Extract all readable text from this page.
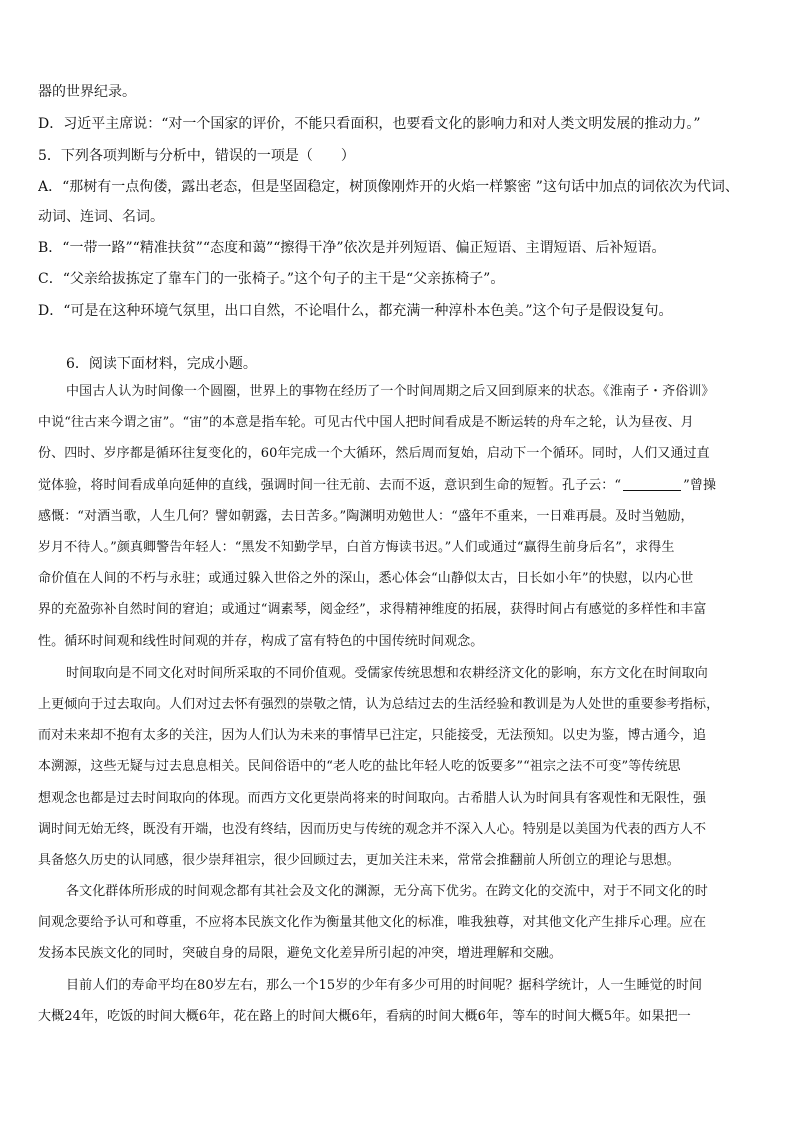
器的世界纪录。
D．习近平主席说：“对一个国家的评价，不能只看面积，也要看文化的影响力和对人类文明发展的推动力。”
5．下列各项判断与分析中，错误的一项是（　　）
A．“那树有一点佝偻，露出老态，但是坚固稳定，树顶像刚炸开的火焰一样繁密 ”这句话中加点的词依次为代词、
动词、连词、名词。
B．“一带一路”“精准扶贫”“态度和蔼”“擦得干净”依次是并列短语、偏正短语、主谓短语、后补短语。
C．“父亲给拔拣定了靠车门的一张椅子。”这个句子的主干是“父亲拣椅子”。
D．“可是在这种环境气氛里，出口自然，不论唱什么，都充满一种淳朴本色美。”这个句子是假设复句。
6．阅读下面材料，完成小题。
中国古人认为时间像一个圆圈，世界上的事物在经历了一个时间周期之后又回到原来的状态。《淮南子・齐俗训》
中说“往古来今谓之宙”。“宙”的本意是指车轮。可见古代中国人把时间看成是不断运转的舟车之轮，认为昼夜、月
份、四时、岁序都是循环往复变化的，60年完成一个大循环，然后周而复始，启动下一个循环。同时，人们又通过直
觉体验，将时间看成单向延伸的直线，强调时间一往无前、去而不返，意识到生命的短暂。孔子云：“	”曾操
感慨：“对酒当歌，人生几何？譬如朝露，去日苦多。”陶渊明劝勉世人：“盛年不重来，一日难再晨。及时当勉励，
岁月不待人。”颜真卿警告年轻人：“黑发不知勤学早，白首方悔读书迟。”人们或通过“赢得生前身后名”，求得生
命价值在人间的不朽与永驻；或通过躲入世俗之外的深山，悉心体会“山静似太古，日长如小年”的快慰，以内心世
界的充盈弥补自然时间的窘迫；或通过“调素琴，阅金经”，求得精神维度的拓展，获得时间占有感觉的多样性和丰富
性。循环时间观和线性时间观的并存，构成了富有特色的中国传统时间观念。
时间取向是不同文化对时间所采取的不同价值观。受儒家传统思想和农耕经济文化的影响，东方文化在时间取向
上更倾向于过去取向。人们对过去怀有强烈的崇敬之情，认为总结过去的生活经验和教训是为人处世的重要参考指标，
而对未来却不抱有太多的关注，因为人们认为未来的事情早已注定，只能接受，无法预知。以史为鉴，博古通今，追
本溯源，这些无疑与过去息息相关。民间俗语中的“老人吃的盐比年轻人吃的饭要多”“祖宗之法不可变”等传统思
想观念也都是过去时间取向的体现。而西方文化更崇尚将来的时间取向。古希腊人认为时间具有客观性和无限性，强
调时间无始无终，既没有开端，也没有终结，因而历史与传统的观念并不深入人心。特别是以美国为代表的西方人不
具备悠久历史的认同感，很少崇拜祖宗，很少回顾过去，更加关注未来，常常会推翻前人所创立的理论与思想。
各文化群体所形成的时间观念都有其社会及文化的渊源，无分高下优劣。在跨文化的交流中，对于不同文化的时
间观念要给予认可和尊重，不应将本民族文化作为衡量其他文化的标准，唯我独尊，对其他文化产生排斥心理。应在
发扬本民族文化的同时，突破自身的局限，避免文化差异所引起的冲突，增进理解和交融。
目前人们的寿命平均在80岁左右，那么一个15岁的少年有多少可用的时间呢？据科学统计，人一生睡觉的时间
大概24年，吃饭的时间大概6年，花在路上的时间大概6年，看病的时间大概6年，等车的时间大概5年。如果把一
